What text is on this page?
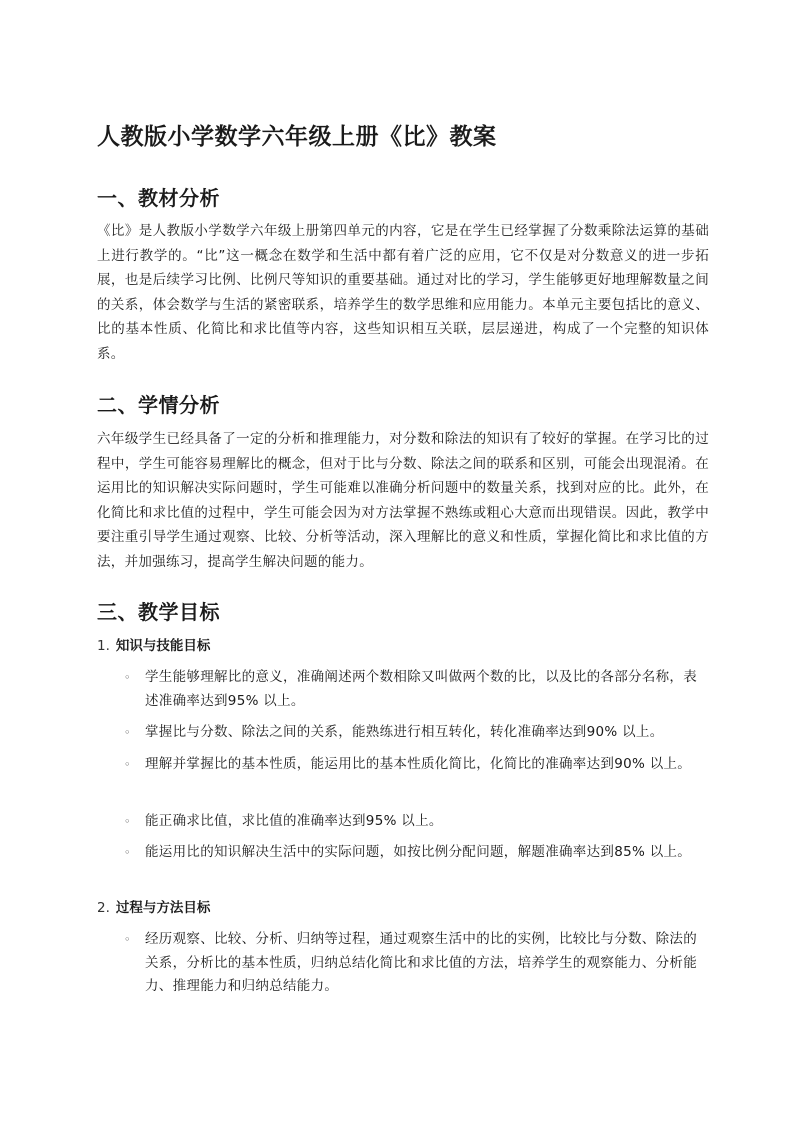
人教版小学数学六年级上册《比》教案
一、教材分析

《比》是人教版小学数学六年级上册第四单元的内容，它是在学生已经掌握了分数乘除法运算的基础上进行教学的。“比”这一概念在数学和生活中都有着广泛的应用，它不仅是对分数意义的进一步拓展，也是后续学习比例、比例尺等知识的重要基础。通过对比的学习，学生能够更好地理解数量之间的关系，体会数学与生活的紧密联系，培养学生的数学思维和应用能力。本单元主要包括比的意义、比的基本性质、化简比和求比值等内容，这些知识相互关联，层层递进，构成了一个完整的知识体系。

二、学情分析

六年级学生已经具备了一定的分析和推理能力，对分数和除法的知识有了较好的掌握。在学习比的过程中，学生可能容易理解比的概念，但对于比与分数、除法之间的联系和区别，可能会出现混淆。在运用比的知识解决实际问题时，学生可能难以准确分析问题中的数量关系，找到对应的比。此外，在化简比和求比值的过程中，学生可能会因为对方法掌握不熟练或粗心大意而出现错误。因此，教学中要注重引导学生通过观察、比较、分析等活动，深入理解比的意义和性质，掌握化简比和求比值的方法，并加强练习，提高学生解决问题的能力。

三、教学目标
1. 知识与技能目标
◦	学生能够理解比的意义，准确阐述两个数相除又叫做两个数的比，以及比的各部分名称，表述准确率达到95% 以上。
◦	掌握比与分数、除法之间的关系，能熟练进行相互转化，转化准确率达到90% 以上。
◦	理解并掌握比的基本性质，能运用比的基本性质化简比，化简比的准确率达到90% 以上。
◦	能正确求比值，求比值的准确率达到95% 以上。
◦	能运用比的知识解决生活中的实际问题，如按比例分配问题，解题准确率达到85% 以上。
2. 过程与方法目标
◦	经历观察、比较、分析、归纳等过程，通过观察生活中的比的实例，比较比与分数、除法的关系，分析比的基本性质，归纳总结化简比和求比值的方法，培养学生的观察能力、分析能力、推理能力和归纳总结能力。
